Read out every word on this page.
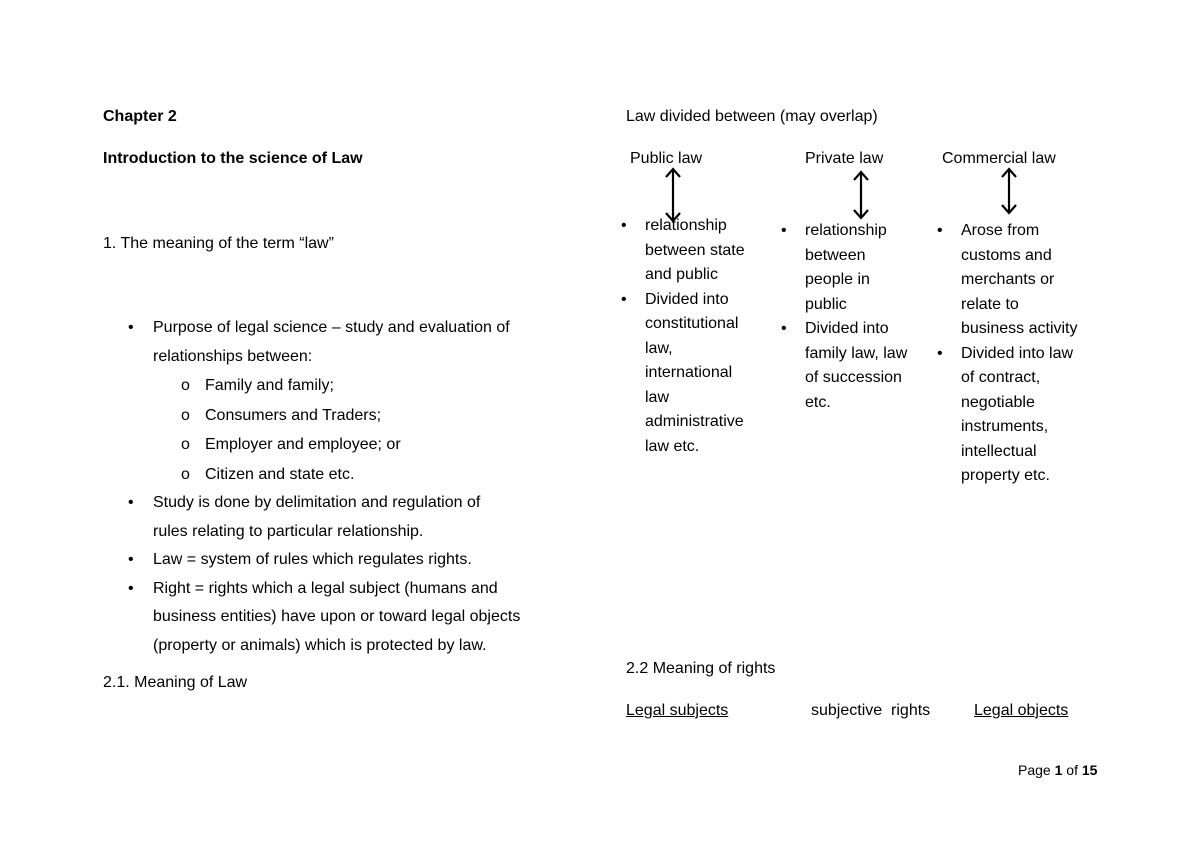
Chapter 2
Introduction to the science of Law
1. The meaning of the term “law”
• Purpose of legal science – study and evaluation of
relationships between:
o Family and family;
o Consumers and Traders;
o Employer and employee; or
o Citizen and state etc.
• Study is done by delimitation and regulation of
rules relating to particular relationship.
• Law = system of rules which regulates rights.
• Right = rights which a legal subject (humans and
business entities) have upon or toward legal objects
(property or animals) which is protected by law.
2.1. Meaning of Law
Law divided between (may overlap)
Public law	Private law	Commercial law
• relationship
between state
and public
• Divided into
constitutional
law,
international
law
administrative
law etc.
• relationship
between
people in
public
• Divided into
family law, law
of succession
etc.
• Arose from
customs and
merchants or
relate to
business activity
• Divided into law
of contract,
negotiable
instruments,
intellectual
property etc.
2.2 Meaning of rights
Legal subjects	subjective  rights	Legal objects
Page 1 of 15
